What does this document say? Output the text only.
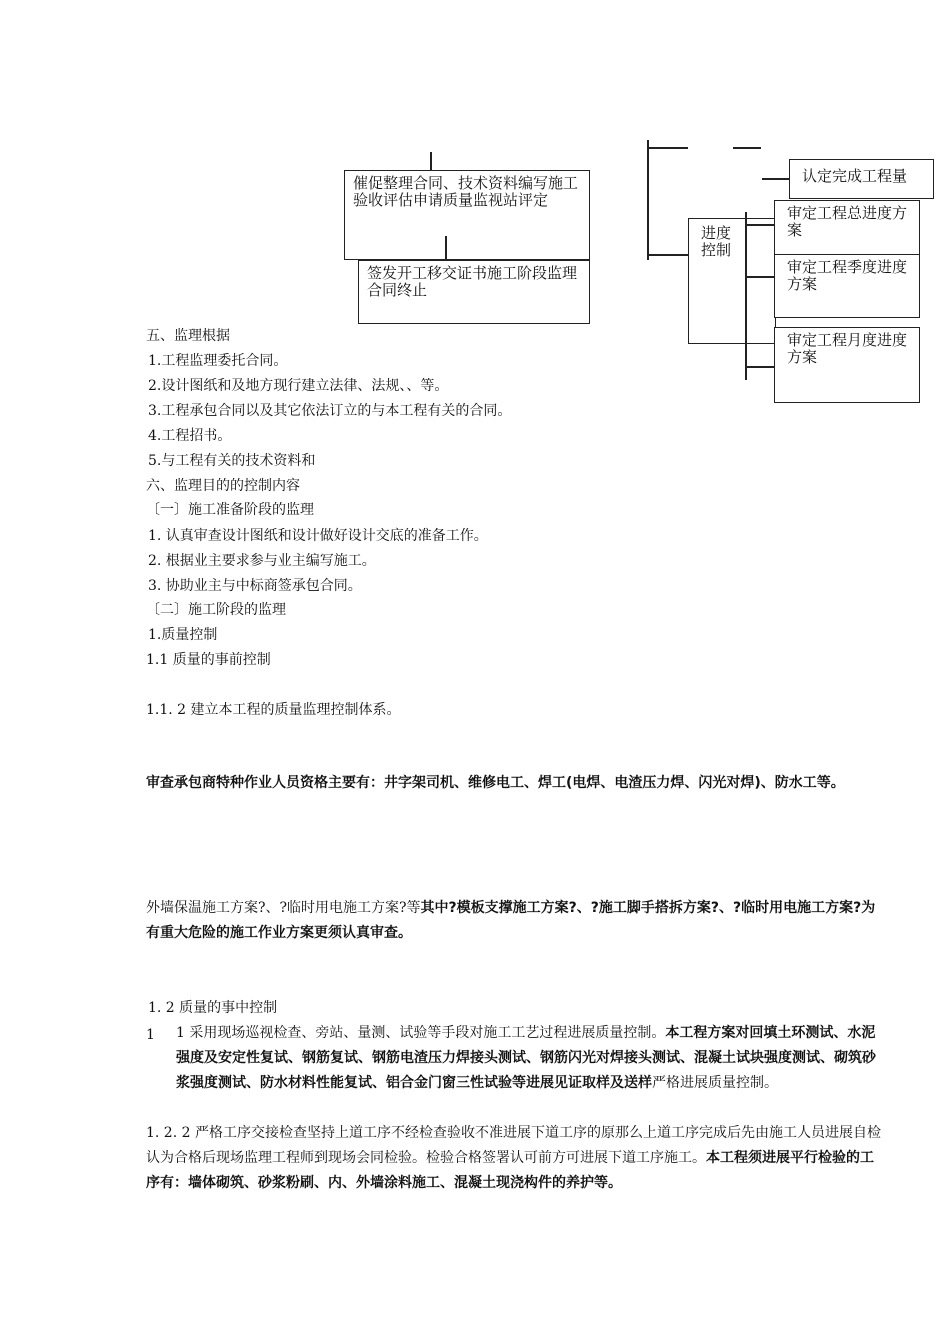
催促整理合同、技术资料编写施工验收评估申请质量监视站评定
签发开工移交证书施工阶段监理合同终止
认定完成工程量
进度控制
审定工程总进度方案
审定工程季度进度方案
审定工程月度进度方案
五、监理根据
1.工程监理委托合同。
2.设计图纸和及地方现行建立法律、法规、、等。
3.工程承包合同以及其它依法订立的与本工程有关的合同。
4.工程招书。
5.与工程有关的技术资料和
六、监理目的的控制内容
〔一〕施工准备阶段的监理
1. 认真审查设计图纸和设计做好设计交底的准备工作。
2. 根据业主要求参与业主编写施工。
3. 协助业主与中标商签承包合同。
〔二〕施工阶段的监理
1.质量控制
1.1 质量的事前控制
1.1. 2 建立本工程的质量监理控制体系。
审查承包商特种作业人员资格主要有：井字架司机、维修电工、焊工(电焊、电渣压力焊、闪光对焊)、防水工等。
外墙保温施工方案?、?临时用电施工方案?等其中?模板支撑施工方案?、?施工脚手搭拆方案?、?临时用电施工方案?为有重大危险的施工作业方案更须认真审查。
1. 2 质量的事中控制
1 1 采用现场巡视检查、旁站、量测、试验等手段对施工工艺过程进展质量控制。本工程方案对回填土环测试、水泥强度及安定性复试、钢筋复试、钢筋电渣压力焊接头测试、钢筋闪光对焊接头测试、混凝土试块强度测试、砌筑砂浆强度测试、防水材料性能复试、铝合金门窗三性试验等进展见证取样及送样严格进展质量控制。
1. 2. 2 严格工序交接检查坚持上道工序不经检查验收不准进展下道工序的原那么上道工序完成后先由施工人员进展自检认为合格后现场监理工程师到现场会同检验。检验合格签署认可前方可进展下道工序施工。本工程须进展平行检验的工序有：墙体砌筑、砂浆粉刷、内、外墙涂料施工、混凝土现浇构件的养护等。
